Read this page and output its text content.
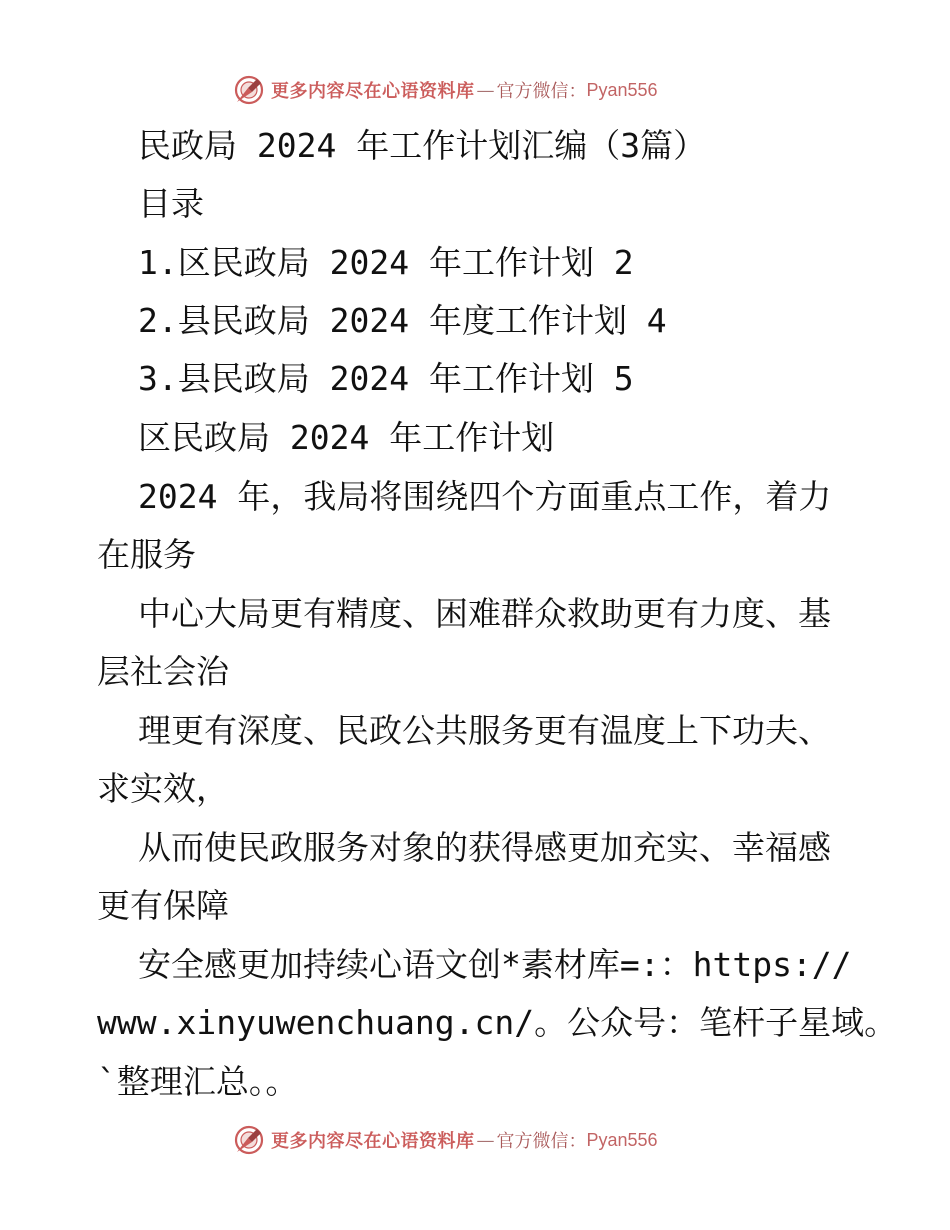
更多内容尽在心语资料库 — 官方微信： Pyan556
民政局 2024 年工作计划汇编（3篇）
目录
1.区民政局 2024 年工作计划 2
2.县民政局 2024 年度工作计划 4
3.县民政局 2024 年工作计划 5
区民政局 2024 年工作计划
2024 年，我局将围绕四个方面重点工作，着力
在服务
中心大局更有精度、困难群众救助更有力度、基
层社会治
理更有深度、民政公共服务更有温度上下功夫、
求实效，
从而使民政服务对象的获得感更加充实、幸福感
更有保障
安全感更加持续心语文创*素材库=:：https://
www.xinyuwenchuang.cn/。公众号：笔杆子星域。
`整理汇总。。
更多内容尽在心语资料库 — 官方微信： Pyan556
